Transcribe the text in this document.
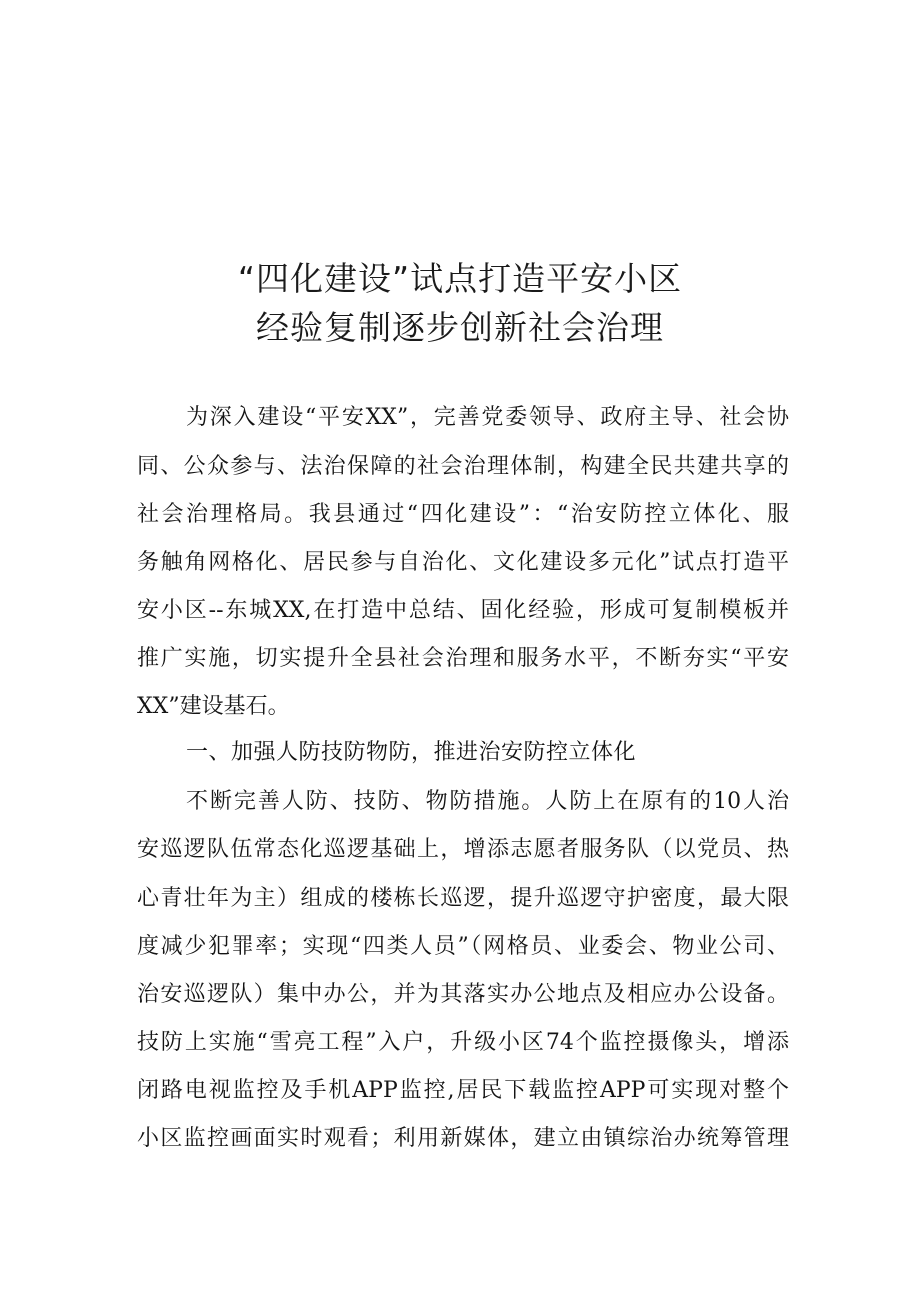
“四化建设”试点打造平安小区
经验复制逐步创新社会治理
为深入建设“平安XX”，完善党委领导、政府主导、社会协
同、公众参与、法治保障的社会治理体制，构建全民共建共享的
社会治理格局。我县通过“四化建设”：“治安防控立体化、服
务触角网格化、居民参与自治化、文化建设多元化”试点打造平
安小区--东城XX,在打造中总结、固化经验，形成可复制模板并
推广实施，切实提升全县社会治理和服务水平，不断夯实“平安
XX”建设基石。
一、加强人防技防物防，推进治安防控立体化
不断完善人防、技防、物防措施。人防上在原有的10人治
安巡逻队伍常态化巡逻基础上，增添志愿者服务队（以党员、热
心青壮年为主）组成的楼栋长巡逻，提升巡逻守护密度，最大限
度减少犯罪率；实现“四类人员”（网格员、业委会、物业公司、
治安巡逻队）集中办公，并为其落实办公地点及相应办公设备。
技防上实施“雪亮工程”入户，升级小区74个监控摄像头，增添
闭路电视监控及手机APP监控,居民下载监控APP可实现对整个
小区监控画面实时观看；利用新媒体，建立由镇综治办统筹管理
